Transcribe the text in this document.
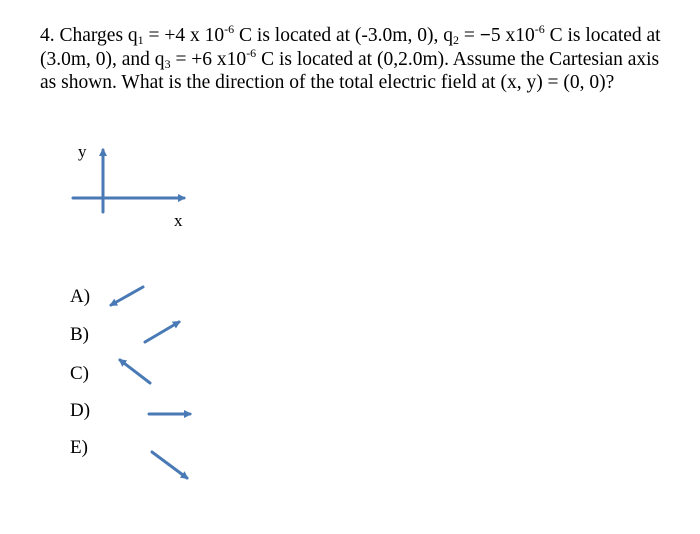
4. Charges $q_1 = +4$ x $10^{-6}$ C is located at (-3.0m, 0), $q_2 = -5$ $x10^{-6}$ C is located at (3.0m, 0), and $q_3 = +6$ $x10^{-6}$ C is located at (0,2.0m). Assume the Cartesian axis as shown. What is the direction of the total electric field at (x, y) = (0, 0)?
y
x
A)
B)
C)
D)
E)
